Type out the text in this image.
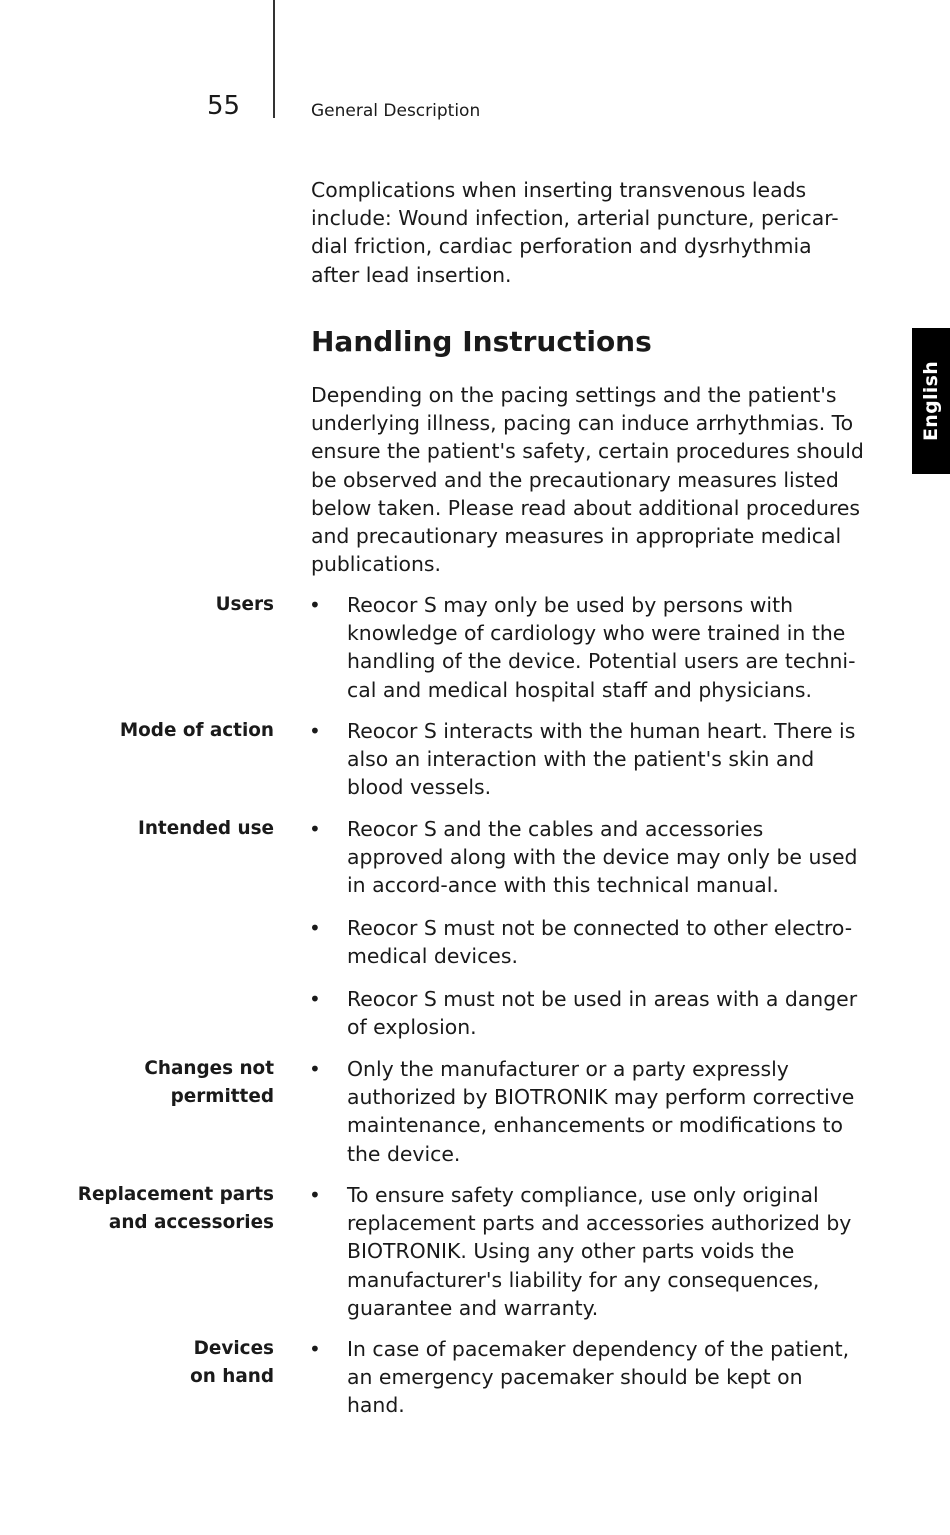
55	General Description
English

Complications when inserting transvenous leads include: Wound infection, arterial puncture, pericar-dial friction, cardiac perforation and dysrhythmia after lead insertion.

Handling Instructions

Depending on the pacing settings and the patient's underlying illness, pacing can induce arrhythmias. To ensure the patient's safety, certain procedures should be observed and the precautionary measures listed below taken. Please read about additional procedures and precautionary measures in appropriate medical publications.

Users • Reocor S may only be used by persons with knowledge of cardiology who were trained in the handling of the device. Potential users are techni-cal and medical hospital staff and physicians.

Mode of action • Reocor S interacts with the human heart. There is also an interaction with the patient's skin and blood vessels.

Intended use • Reocor S and the cables and accessories approved along with the device may only be used in accord-ance with this technical manual.

• Reocor S must not be connected to other electro-medical devices.

• Reocor S must not be used in areas with a danger of explosion.

Changes not
permitted
• Only the manufacturer or a party expressly authorized by BIOTRONIK may perform corrective maintenance, enhancements or modifications to the device.

Replacement parts
and accessories
• To ensure safety compliance, use only original replacement parts and accessories authorized by BIOTRONIK. Using any other parts voids the manufacturer's liability for any consequences, guarantee and warranty.

Devices
on hand
• In case of pacemaker dependency of the patient, an emergency pacemaker should be kept on hand.
